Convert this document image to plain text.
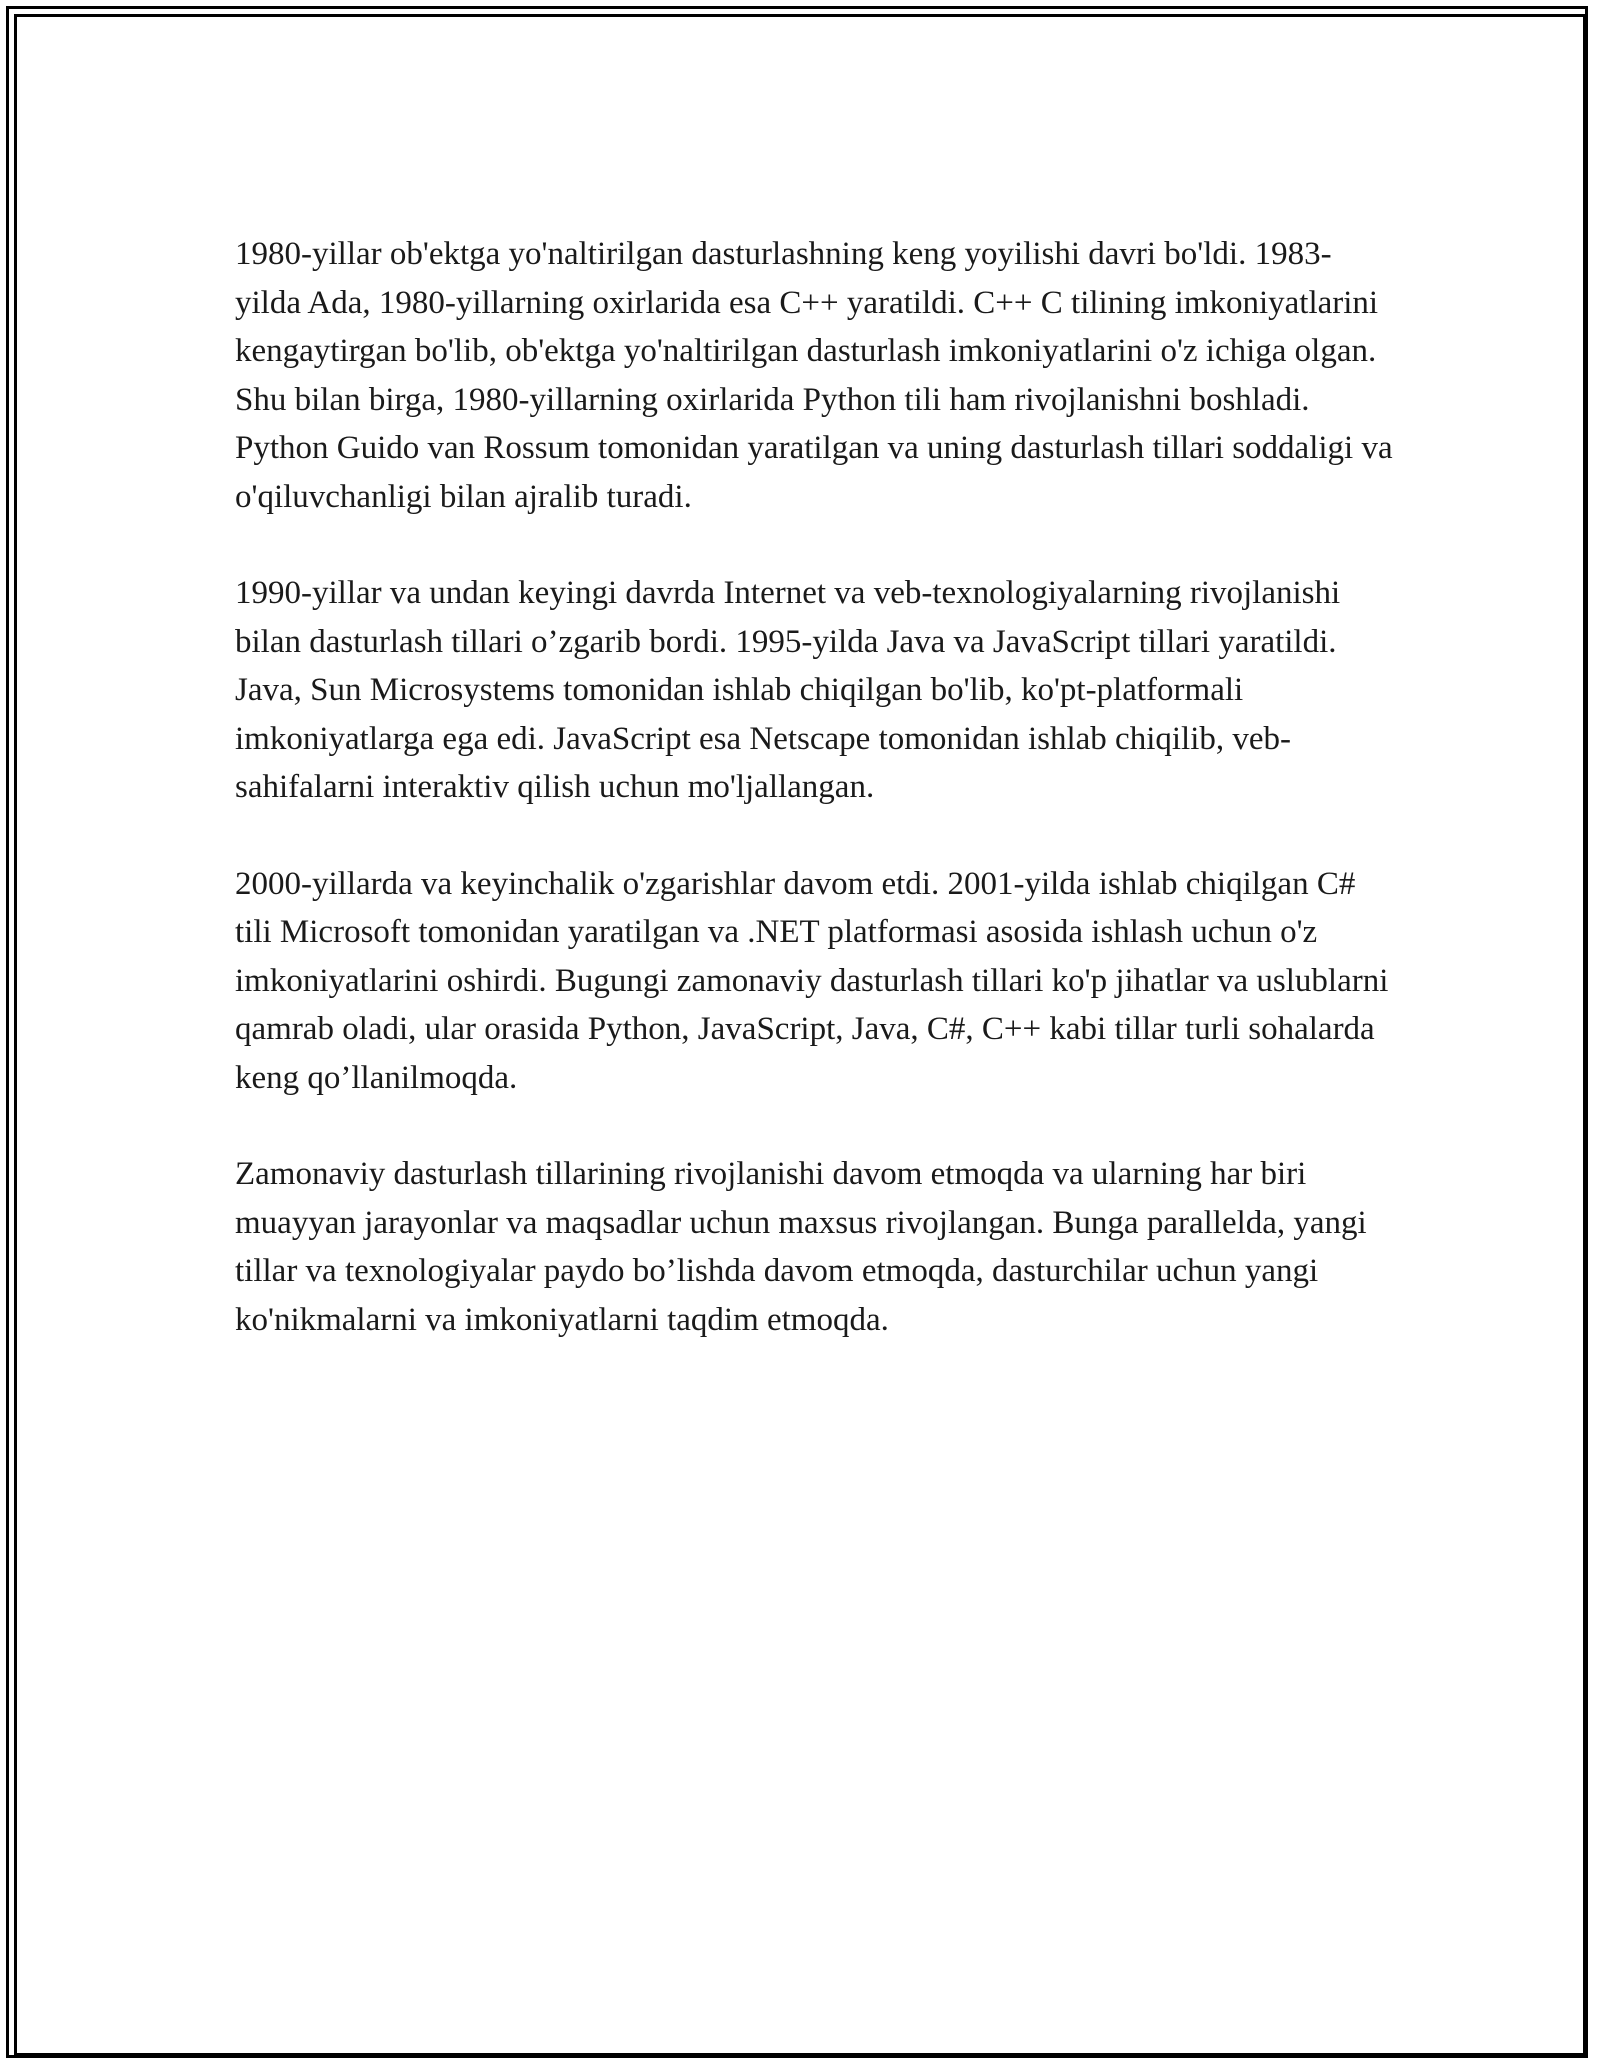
1980-yillar ob'ektga yo'naltirilgan dasturlashning keng yoyilishi davri bo'ldi. 1983-yilda Ada, 1980-yillarning oxirlarida esa C++ yaratildi. C++ C tilining imkoniyatlarini kengaytirgan bo'lib, ob'ektga yo'naltirilgan dasturlash imkoniyatlarini o'z ichiga olgan. Shu bilan birga, 1980-yillarning oxirlarida Python tili ham rivojlanishni boshladi. Python Guido van Rossum tomonidan yaratilgan va uning dasturlash tillari soddaligi va o'qiluvchanligi bilan ajralib turadi.

1990-yillar va undan keyingi davrda Internet va veb-texnologiyalarning rivojlanishi bilan dasturlash tillari o’zgarib bordi. 1995-yilda Java va JavaScript tillari yaratildi. Java, Sun Microsystems tomonidan ishlab chiqilgan bo'lib, ko'pt-platformali imkoniyatlarga ega edi. JavaScript esa Netscape tomonidan ishlab chiqilib, veb-sahifalarni interaktiv qilish uchun mo'ljallangan.

2000-yillarda va keyinchalik o'zgarishlar davom etdi. 2001-yilda ishlab chiqilgan C# tili Microsoft tomonidan yaratilgan va .NET platformasi asosida ishlash uchun o'z imkoniyatlarini oshirdi. Bugungi zamonaviy dasturlash tillari ko'p jihatlar va uslublarni qamrab oladi, ular orasida Python, JavaScript, Java, C#, C++ kabi tillar turli sohalarda keng qo’llanilmoqda.

Zamonaviy dasturlash tillarining rivojlanishi davom etmoqda va ularning har biri muayyan jarayonlar va maqsadlar uchun maxsus rivojlangan. Bunga parallelda, yangi tillar va texnologiyalar paydo bo’lishda davom etmoqda, dasturchilar uchun yangi ko'nikmalarni va imkoniyatlarni taqdim etmoqda.
